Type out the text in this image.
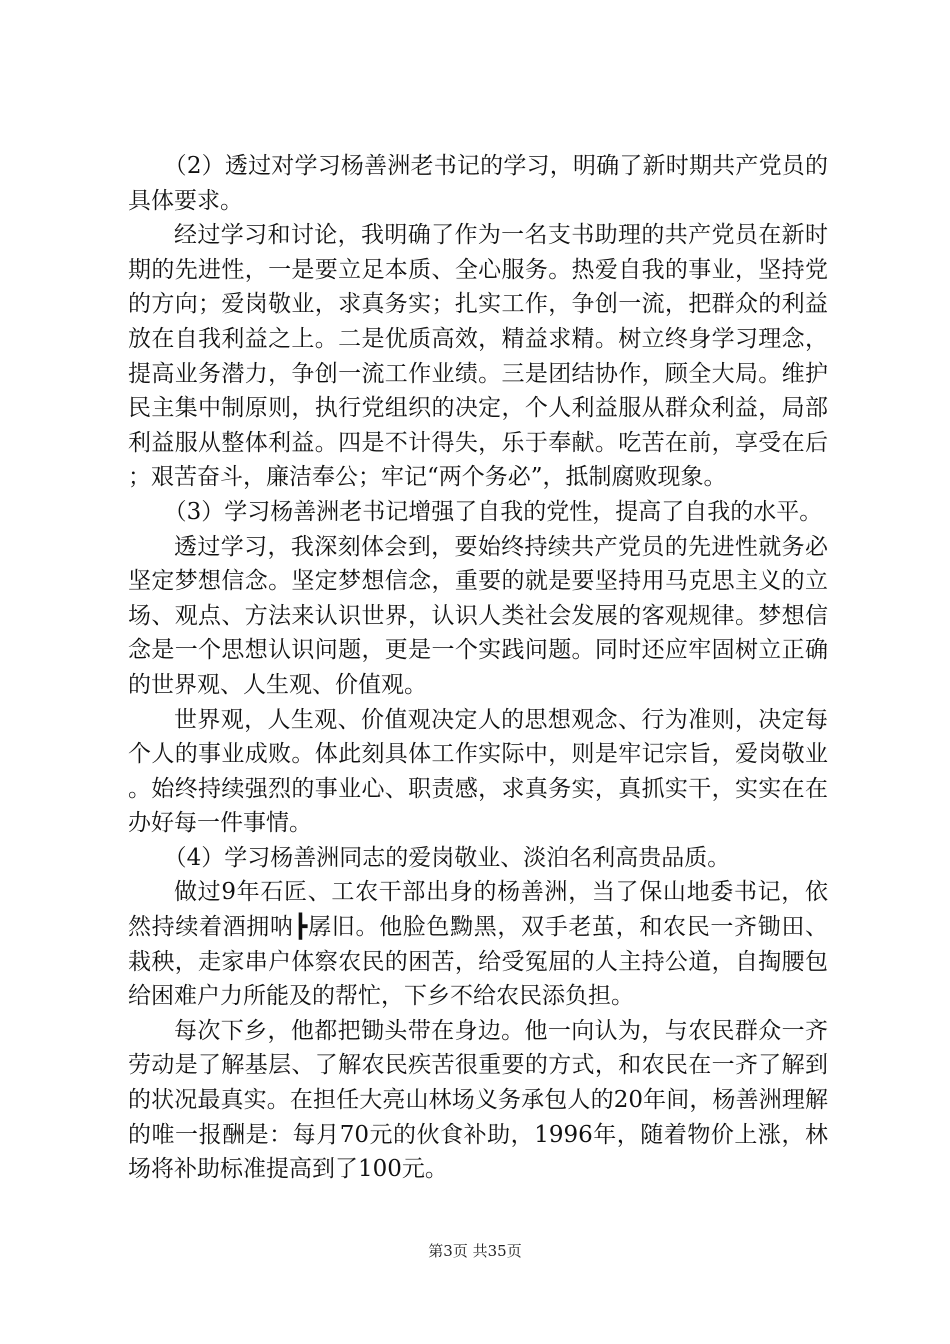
（2）透过对学习杨善洲老书记的学习，明确了新时期共产党员的具体要求。

经过学习和讨论，我明确了作为一名支书助理的共产党员在新时期的先进性，一是要立足本质、全心服务。热爱自我的事业，坚持党的方向；爱岗敬业，求真务实；扎实工作，争创一流，把群众的利益放在自我利益之上。二是优质高效，精益求精。树立终身学习理念，提高业务潜力，争创一流工作业绩。三是团结协作，顾全大局。维护民主集中制原则，执行党组织的决定，个人利益服从群众利益，局部利益服从整体利益。四是不计得失，乐于奉献。吃苦在前，享受在后；艰苦奋斗，廉洁奉公；牢记“两个务必”，抵制腐败现象。

（3）学习杨善洲老书记增强了自我的党性，提高了自我的水平。

透过学习，我深刻体会到，要始终持续共产党员的先进性就务必坚定梦想信念。坚定梦想信念，重要的就是要坚持用马克思主义的立场、观点、方法来认识世界，认识人类社会发展的客观规律。梦想信念是一个思想认识问题，更是一个实践问题。同时还应牢固树立正确的世界观、人生观、价值观。

世界观，人生观、价值观决定人的思想观念、行为准则，决定每个人的事业成败。体此刻具体工作实际中，则是牢记宗旨，爱岗敬业。始终持续强烈的事业心、职责感，求真务实，真抓实干，实实在在办好每一件事情。

（4）学习杨善洲同志的爱岗敬业、淡泊名利高贵品质。

做过9年石匠、工农干部出身的杨善洲，当了保山地委书记，依然持续着酒拥呐┣孱旧。他脸色黝黑，双手老茧，和农民一齐锄田、栽秧，走家串户体察农民的困苦，给受冤屈的人主持公道，自掏腰包给困难户力所能及的帮忙，下乡不给农民添负担。

每次下乡，他都把锄头带在身边。他一向认为，与农民群众一齐劳动是了解基层、了解农民疾苦很重要的方式，和农民在一齐了解到的状况最真实。在担任大亮山林场义务承包人的20年间，杨善洲理解的唯一报酬是：每月70元的伙食补助，1996年，随着物价上涨，林场将补助标准提高到了100元。

第3页 共35页
